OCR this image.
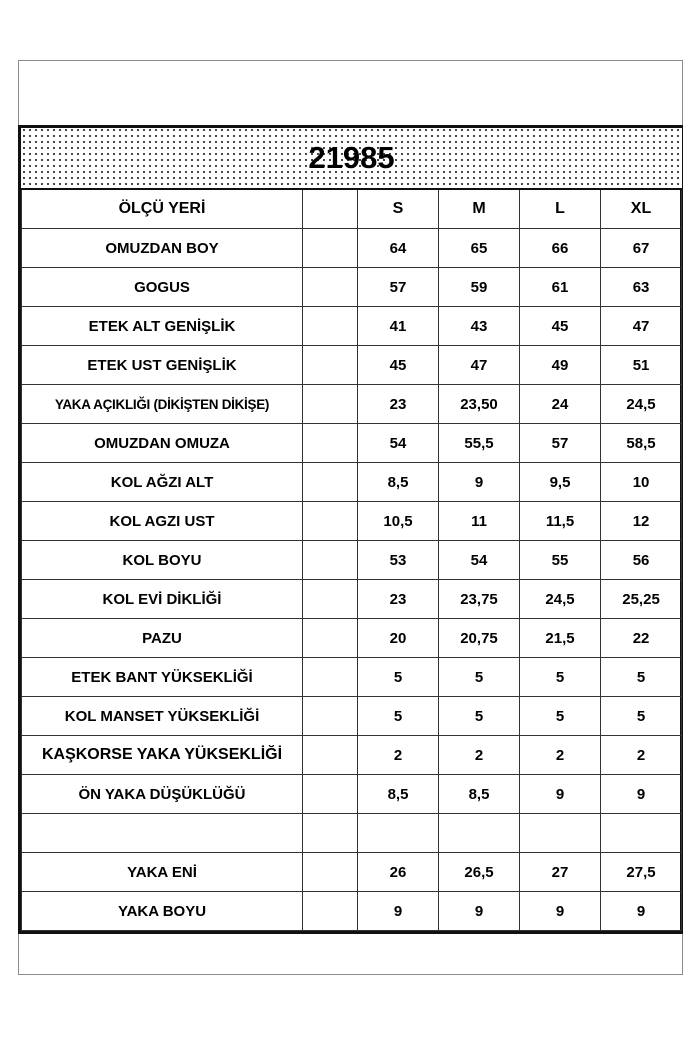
21985					

ÖLÇÜ YERİ		S	M	L	XL
OMUZDAN BOY		64	65	66	67
GOGUS		57	59	61	63
ETEK ALT GENİŞLİK		41	43	45	47
ETEK UST GENİŞLİK		45	47	49	51
YAKA AÇIKLIĞI (DİKİŞTEN DİKİŞE)		23	23,50	24	24,5
OMUZDAN OMUZA		54	55,5	57	58,5
KOL AĞZI ALT		8,5	9	9,5	10
KOL AGZI UST		10,5	11	11,5	12
KOL BOYU		53	54	55	56
KOL EVİ DİKLİĞİ		23	23,75	24,5	25,25
PAZU		20	20,75	21,5	22
ETEK BANT YÜKSEKLİĞİ		5	5	5	5
KOL MANSET YÜKSEKLİĞİ		5	5	5	5
KAŞKORSE YAKA YÜKSEKLİĞİ		2	2	2	2
ÖN YAKA DÜŞÜKLÜĞÜ		8,5	8,5	9	9

YAKA ENİ		26	26,5	27	27,5
YAKA BOYU		9	9	9	9
